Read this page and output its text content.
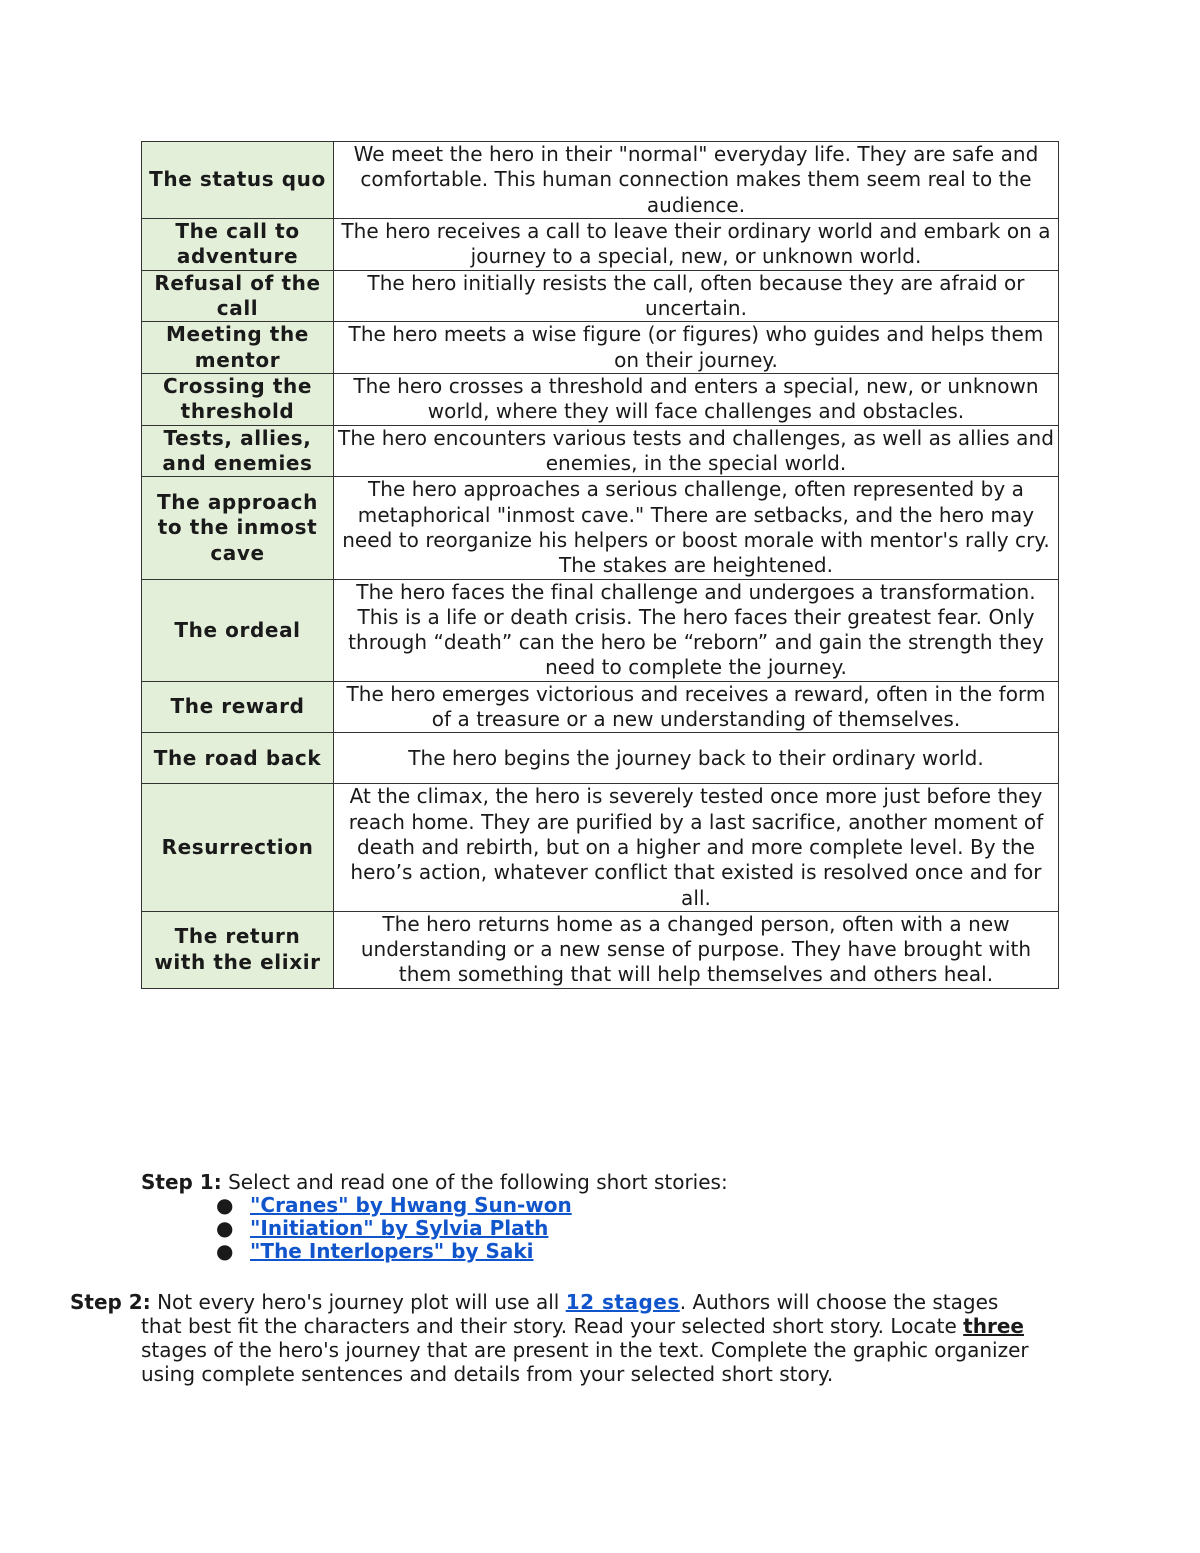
The status quo	We meet the hero in their "normal" everyday life. They are safe and comfortable. This human connection makes them seem real to the audience.
The call to adventure	The hero receives a call to leave their ordinary world and embark on a journey to a special, new, or unknown world.
Refusal of the call	The hero initially resists the call, often because they are afraid or uncertain.
Meeting the mentor	The hero meets a wise figure (or figures) who guides and helps them on their journey.
Crossing the threshold	The hero crosses a threshold and enters a special, new, or unknown world, where they will face challenges and obstacles.
Tests, allies, and enemies	The hero encounters various tests and challenges, as well as allies and enemies, in the special world.
The approach to the inmost cave	The hero approaches a serious challenge, often represented by a metaphorical "inmost cave." There are setbacks, and the hero may need to reorganize his helpers or boost morale with mentor's rally cry. The stakes are heightened.
The ordeal	The hero faces the final challenge and undergoes a transformation. This is a life or death crisis. The hero faces their greatest fear. Only through “death” can the hero be “reborn” and gain the strength they need to complete the journey.
The reward	The hero emerges victorious and receives a reward, often in the form of a treasure or a new understanding of themselves.
The road back	The hero begins the journey back to their ordinary world.
Resurrection	At the climax, the hero is severely tested once more just before they reach home. They are purified by a last sacrifice, another moment of death and rebirth, but on a higher and more complete level. By the hero’s action, whatever conflict that existed is resolved once and for all.
The return with the elixir	The hero returns home as a changed person, often with a new understanding or a new sense of purpose. They have brought with them something that will help themselves and others heal.
Step 1: Select and read one of the following short stories:
● "Cranes" by Hwang Sun-won
● "Initiation" by Sylvia Plath
● "The Interlopers" by Saki
Step 2: Not every hero's journey plot will use all 12 stages. Authors will choose the stages
that best fit the characters and their story. Read your selected short story. Locate three
stages of the hero's journey that are present in the text. Complete the graphic organizer
using complete sentences and details from your selected short story.
